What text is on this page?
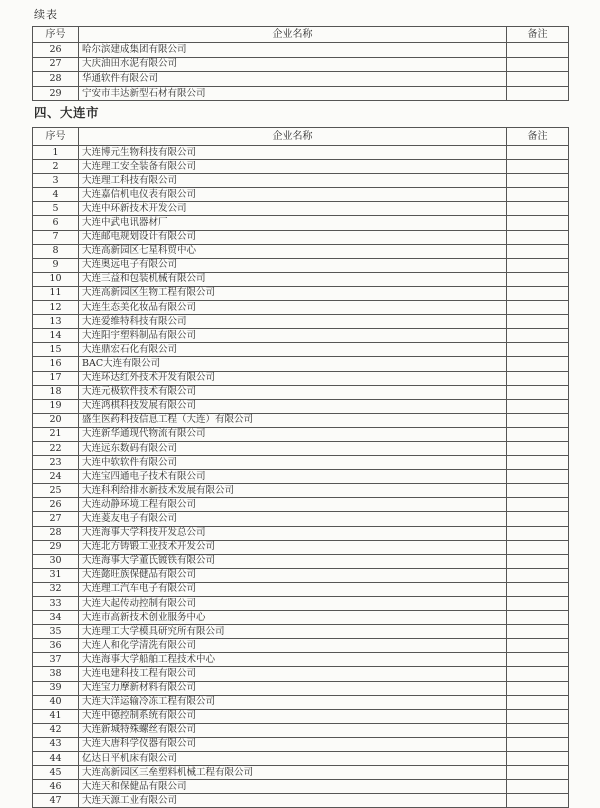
续表
序号	企业名称	备注
26	哈尔滨建成集团有限公司	
27	大庆油田水泥有限公司	
28	华通软件有限公司	
29	宁安市丰达新型石材有限公司	
四、大连市
序号	企业名称	备注
1	大连博元生物科技有限公司	
2	大连理工安全装备有限公司	
3	大连理工科技有限公司	
4	大连嘉信机电仪表有限公司	
5	大连中环新技术开发公司	
6	大连中武电讯器材厂	
7	大连邮电规划设计有限公司	
8	大连高新园区七星科贸中心	
9	大连奥远电子有限公司	
10	大连三益和包装机械有限公司	
11	大连高新园区生物工程有限公司	
12	大连生态美化妆品有限公司	
13	大连爱维特科技有限公司	
14	大连阳宇塑料制品有限公司	
15	大连鼎宏石化有限公司	
16	BAC大连有限公司	
17	大连环达红外技术开发有限公司	
18	大连元极软件技术有限公司	
19	大连鸿棋科技发展有限公司	
20	盛生医药科技信息工程（大连）有限公司	
21	大连新华通现代物流有限公司	
22	大连远东数码有限公司	
23	大连中软软件有限公司	
24	大连宝四通电子技术有限公司	
25	大连科利给排水新技术发展有限公司	
26	大连动静环境工程有限公司	
27	大连菱友电子有限公司	
28	大连海事大学科技开发总公司	
29	大连北方铸锻工业技术开发公司	
30	大连海事大学董氏镀铁有限公司	
31	大连懿旺族保健品有限公司	
32	大连理工汽车电子有限公司	
33	大连大起传动控制有限公司	
34	大连市高新技术创业服务中心	
35	大连理工大学模具研究所有限公司	
36	大连人和化学清洗有限公司	
37	大连海事大学船舶工程技术中心	
38	大连电建科技工程有限公司	
39	大连宝力摩新材料有限公司	
40	大连大洋运输冷冻工程有限公司	
41	大连中德控制系统有限公司	
42	大连新城特殊螺丝有限公司	
43	大连大唐科学仪器有限公司	
44	亿达日平机床有限公司	
45	大连高新园区三垒塑料机械工程有限公司	
46	大连天和保健品有限公司	
47	大连天源工业有限公司	
